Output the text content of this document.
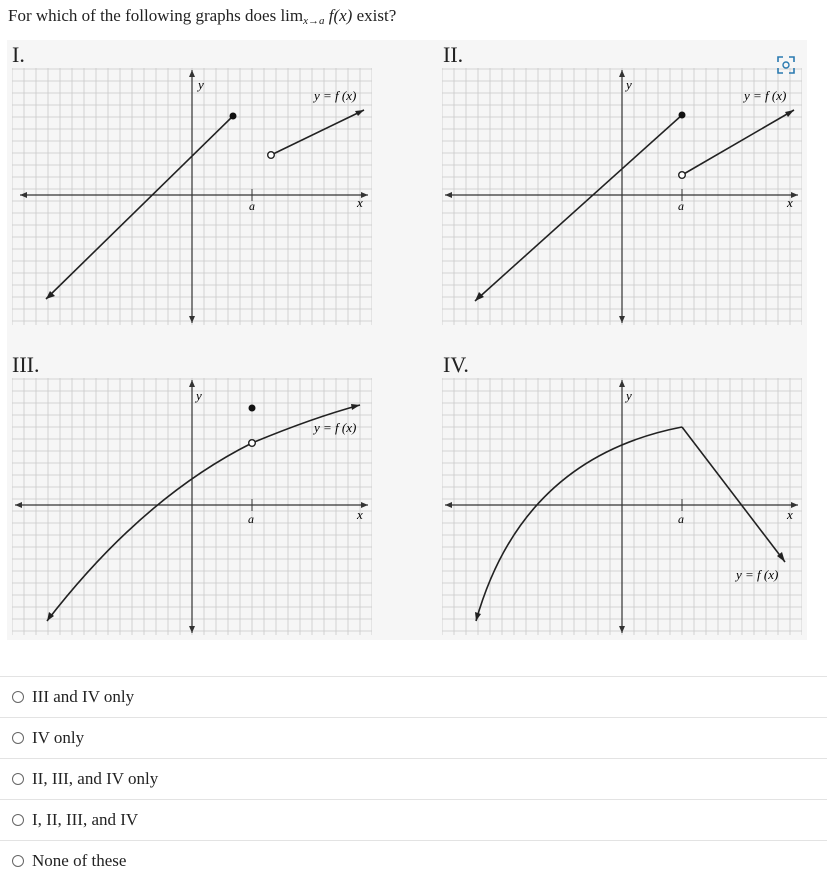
For which of the following graphs does $\lim_{x\to a} f(x)$ exist?
I.	II.
III.	IV.
y
x
a
y = f (x)
y
x
a
y = f (x)
y
x
a
y = f (x)
y
x
a
y = f (x)
III and IV only
IV only
II, III, and IV only
I, II, III, and IV
None of these
